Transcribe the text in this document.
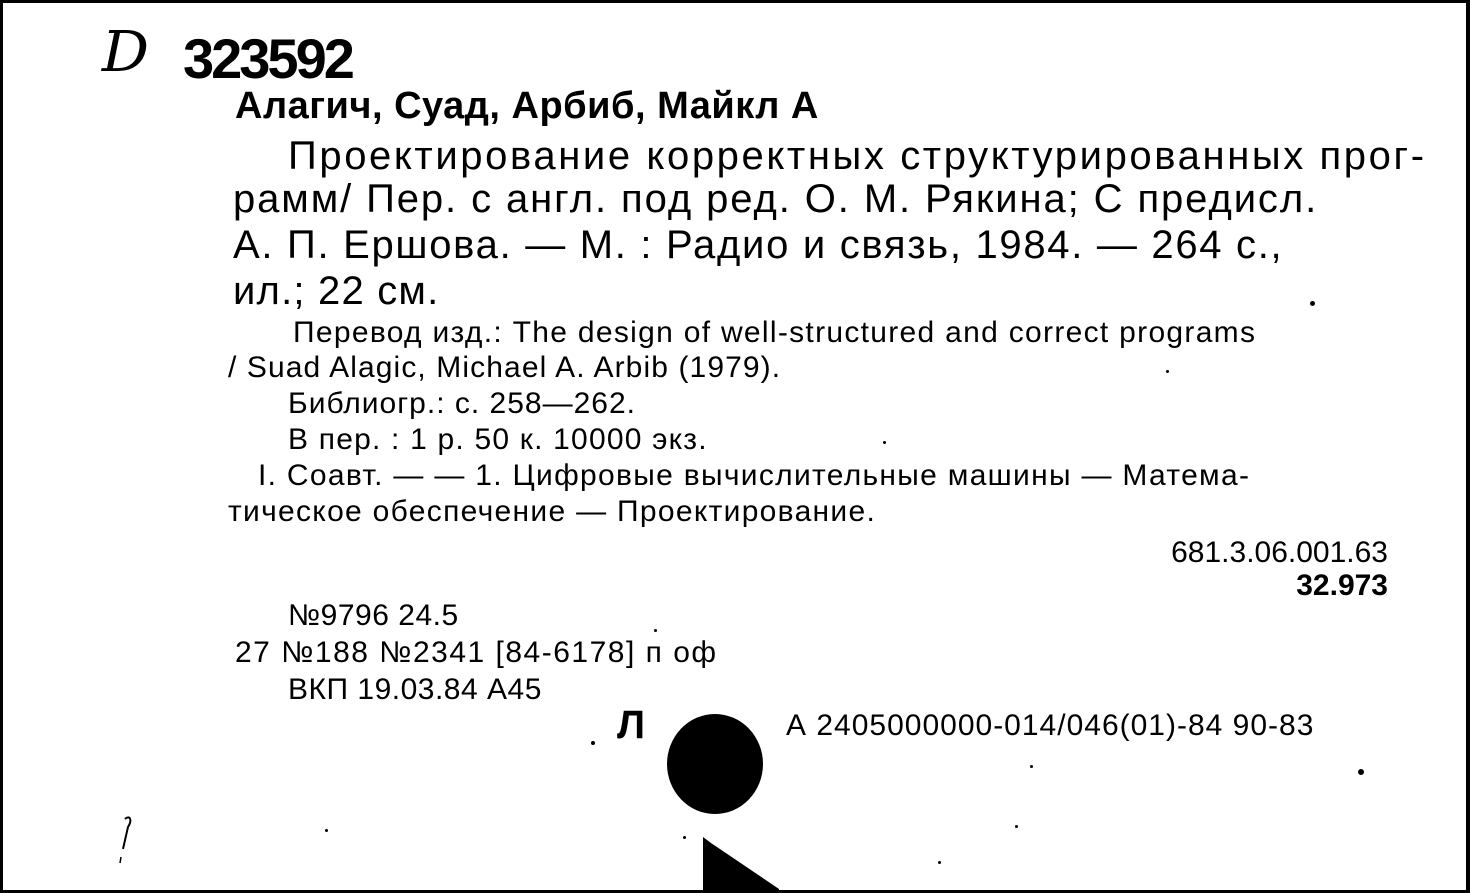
D 323592
Алагич, Суад, Арбиб, Майкл А
Проектирование корректных структурированных прог-
рамм/ Пер. с англ. под ред. О. М. Рякина; С предисл.
А. П. Ершова. — М. : Радио и связь, 1984. — 264 с.,
ил.; 22 см.
Перевод изд.: The design of well-structured and correct programs
/ Suad Alagic, Michael A. Arbib (1979).
Библиогр.: с. 258—262.
В пер. : 1 р. 50 к. 10000 экз.
I. Соавт. — — 1. Цифровые вычислительные машины — Матема-
тическое обеспечение — Проектирование.
681.3.06.001.63
32.973
№9796 24.5
27 №188 №2341 [84-6178] п оф
ВКП 19.03.84 А45
Л	А 2405000000-014/046(01)-84 90-83
